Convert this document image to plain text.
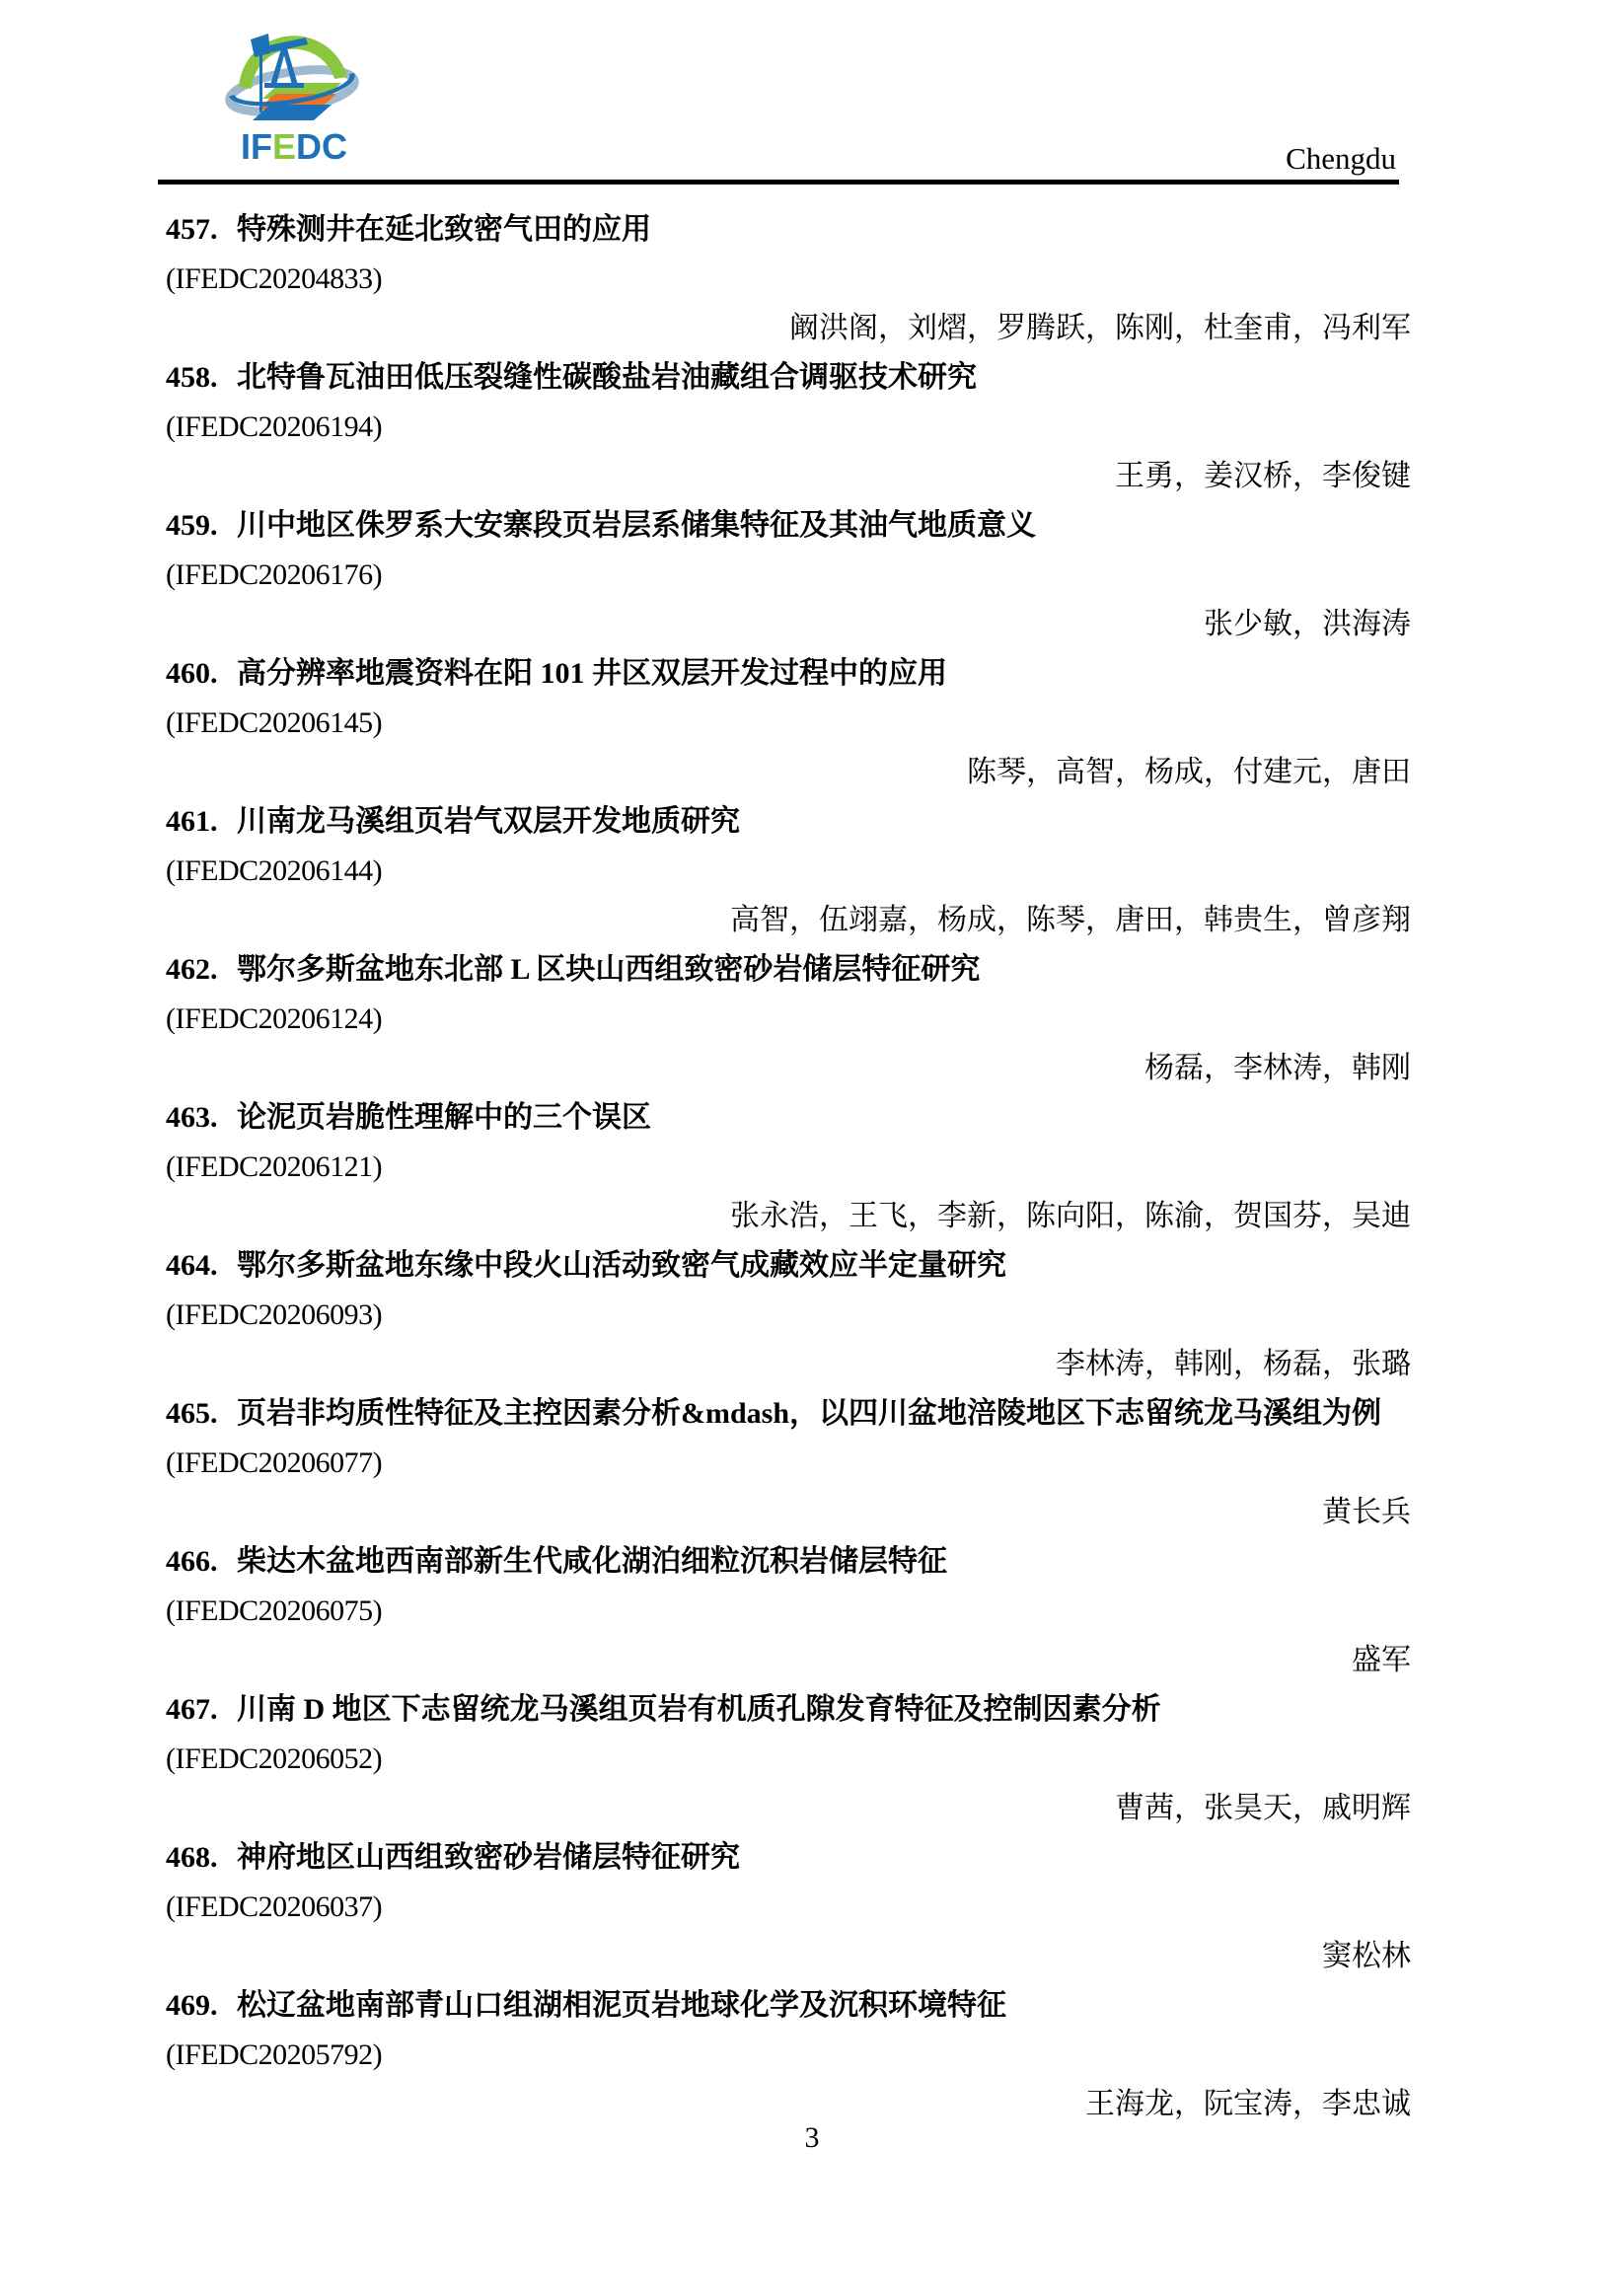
IFEDC	Chengdu
457. 特殊测井在延北致密气田的应用
(IFEDC20204833)
阚洪阁，刘熠，罗腾跃，陈刚，杜奎甫，冯利军
458. 北特鲁瓦油田低压裂缝性碳酸盐岩油藏组合调驱技术研究
(IFEDC20206194)
王勇，姜汉桥，李俊键
459. 川中地区侏罗系大安寨段页岩层系储集特征及其油气地质意义
(IFEDC20206176)
张少敏，洪海涛
460. 高分辨率地震资料在阳 101 井区双层开发过程中的应用
(IFEDC20206145)
陈琴，高智，杨成，付建元，唐田
461. 川南龙马溪组页岩气双层开发地质研究
(IFEDC20206144)
高智，伍翊嘉，杨成，陈琴，唐田，韩贵生，曾彦翔
462. 鄂尔多斯盆地东北部 L 区块山西组致密砂岩储层特征研究
(IFEDC20206124)
杨磊，李林涛，韩刚
463. 论泥页岩脆性理解中的三个误区
(IFEDC20206121)
张永浩，王飞，李新，陈向阳，陈渝，贺国芬，吴迪
464. 鄂尔多斯盆地东缘中段火山活动致密气成藏效应半定量研究
(IFEDC20206093)
李林涛，韩刚，杨磊，张璐
465. 页岩非均质性特征及主控因素分析&mdash，以四川盆地涪陵地区下志留统龙马溪组为例
(IFEDC20206077)
黄长兵
466. 柴达木盆地西南部新生代咸化湖泊细粒沉积岩储层特征
(IFEDC20206075)
盛军
467. 川南 D 地区下志留统龙马溪组页岩有机质孔隙发育特征及控制因素分析
(IFEDC20206052)
曹茜，张昊天，戚明辉
468. 神府地区山西组致密砂岩储层特征研究
(IFEDC20206037)
窦松林
469. 松辽盆地南部青山口组湖相泥页岩地球化学及沉积环境特征
(IFEDC20205792)
王海龙，阮宝涛，李忠诚
3
